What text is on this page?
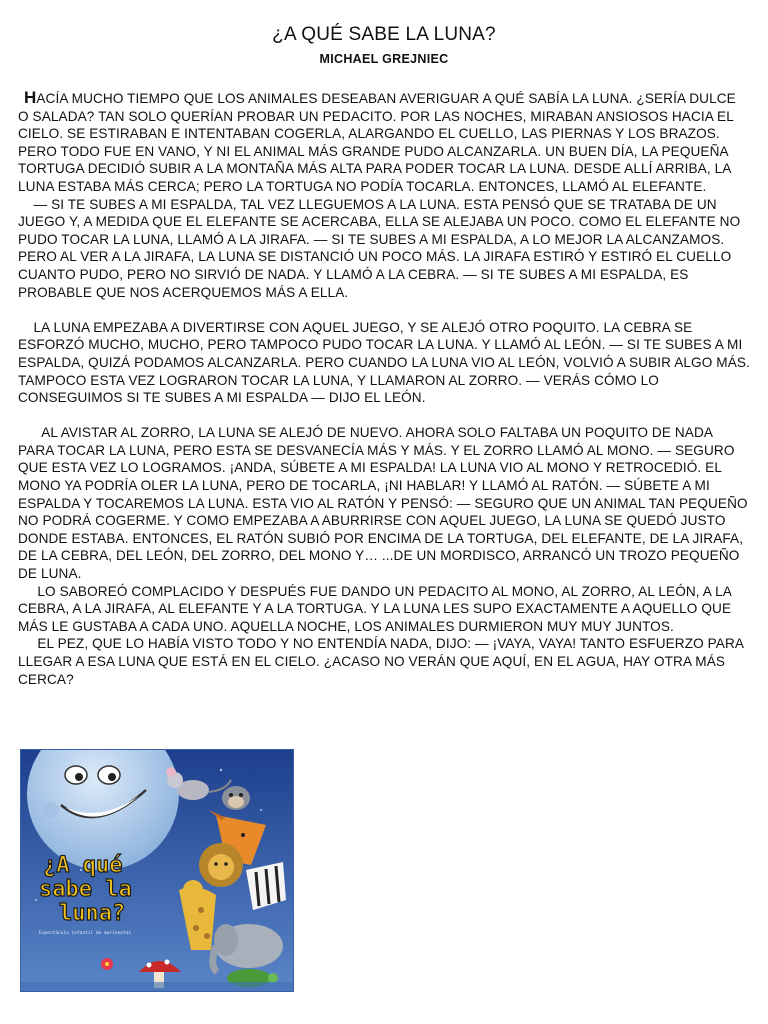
¿A QUÉ SABE LA LUNA?
MICHAEL GREJNIEC

HACÍA MUCHO TIEMPO QUE LOS ANIMALES DESEABAN AVERIGUAR A QUÉ SABÍA LA LUNA. ¿SERÍA DULCE O SALADA? TAN SOLO QUERÍAN PROBAR UN PEDACITO. POR LAS NOCHES, MIRABAN ANSIOSOS HACIA EL CIELO. SE ESTIRABAN E INTENTABAN COGERLA, ALARGANDO EL CUELLO, LAS PIERNAS Y LOS BRAZOS. PERO TODO FUE EN VANO, Y NI EL ANIMAL MÁS GRANDE PUDO ALCANZARLA. UN BUEN DÍA, LA PEQUEÑA TORTUGA DECIDIÓ SUBIR A LA MONTAÑA MÁS ALTA PARA PODER TOCAR LA LUNA. DESDE ALLÍ ARRIBA, LA LUNA ESTABA MÁS CERCA; PERO LA TORTUGA NO PODÍA TOCARLA. ENTONCES, LLAMÓ AL ELEFANTE.

— SI TE SUBES A MI ESPALDA, TAL VEZ LLEGUEMOS A LA LUNA. ESTA PENSÓ QUE SE TRATABA DE UN JUEGO Y, A MEDIDA QUE EL ELEFANTE SE ACERCABA, ELLA SE ALEJABA UN POCO. COMO EL ELEFANTE NO PUDO TOCAR LA LUNA, LLAMÓ A LA JIRAFA. — SI TE SUBES A MI ESPALDA, A LO MEJOR LA ALCANZAMOS. PERO AL VER A LA JIRAFA, LA LUNA SE DISTANCIÓ UN POCO MÁS. LA JIRAFA ESTIRÓ Y ESTIRÓ EL CUELLO CUANTO PUDO, PERO NO SIRVIÓ DE NADA. Y LLAMÓ A LA CEBRA. — SI TE SUBES A MI ESPALDA, ES PROBABLE QUE NOS ACERQUEMOS MÁS A ELLA.

LA LUNA EMPEZABA A DIVERTIRSE CON AQUEL JUEGO, Y SE ALEJÓ OTRO POQUITO. LA CEBRA SE ESFORZÓ MUCHO, MUCHO, PERO TAMPOCO PUDO TOCAR LA LUNA. Y LLAMÓ AL LEÓN. — SI TE SUBES A MI ESPALDA, QUIZÁ PODAMOS ALCANZARLA. PERO CUANDO LA LUNA VIO AL LEÓN, VOLVIÓ A SUBIR ALGO MÁS. TAMPOCO ESTA VEZ LOGRARON TOCAR LA LUNA, Y LLAMARON AL ZORRO. — VERÁS CÓMO LO CONSEGUIMOS SI TE SUBES A MI ESPALDA — DIJO EL LEÓN.

AL AVISTAR AL ZORRO, LA LUNA SE ALEJÓ DE NUEVO. AHORA SOLO FALTABA UN POQUITO DE NADA PARA TOCAR LA LUNA, PERO ESTA SE DESVANECÍA MÁS Y MÁS. Y EL ZORRO LLAMÓ AL MONO. — SEGURO QUE ESTA VEZ LO LOGRAMOS. ¡ANDA, SÚBETE A MI ESPALDA! LA LUNA VIO AL MONO Y RETROCEDIÓ. EL MONO YA PODRÍA OLER LA LUNA, PERO DE TOCARLA, ¡NI HABLAR! Y LLAMÓ AL RATÓN. — SÚBETE A MI ESPALDA Y TOCAREMOS LA LUNA. ESTA VIO AL RATÓN Y PENSÓ: — SEGURO QUE UN ANIMAL TAN PEQUEÑO NO PODRÁ COGERME. Y COMO EMPEZABA A ABURRIRSE CON AQUEL JUEGO, LA LUNA SE QUEDÓ JUSTO DONDE ESTABA. ENTONCES, EL RATÓN SUBIÓ POR ENCIMA DE LA TORTUGA, DEL ELEFANTE, DE LA JIRAFA, DE LA CEBRA, DEL LEÓN, DEL ZORRO, DEL MONO Y… ...DE UN MORDISCO, ARRANCÓ UN TROZO PEQUEÑO DE LUNA.

LO SABOREÓ COMPLACIDO Y DESPUÉS FUE DANDO UN PEDACITO AL MONO, AL ZORRO, AL LEÓN, A LA CEBRA, A LA JIRAFA, AL ELEFANTE Y A LA TORTUGA. Y LA LUNA LES SUPO EXACTAMENTE A AQUELLO QUE MÁS LE GUSTABA A CADA UNO. AQUELLA NOCHE, LOS ANIMALES DURMIERON MUY MUY JUNTOS.

EL PEZ, QUE LO HABÍA VISTO TODO Y NO ENTENDÍA NADA, DIJO: — ¡VAYA, VAYA! TANTO ESFUERZO PARA LLEGAR A ESA LUNA QUE ESTÁ EN EL CIELO. ¿ACASO NO VERÁN QUE AQUÍ, EN EL AGUA, HAY OTRA MÁS CERCA?

¿A qué
sabe la
luna?
Espectáculo infantil de marionetas
